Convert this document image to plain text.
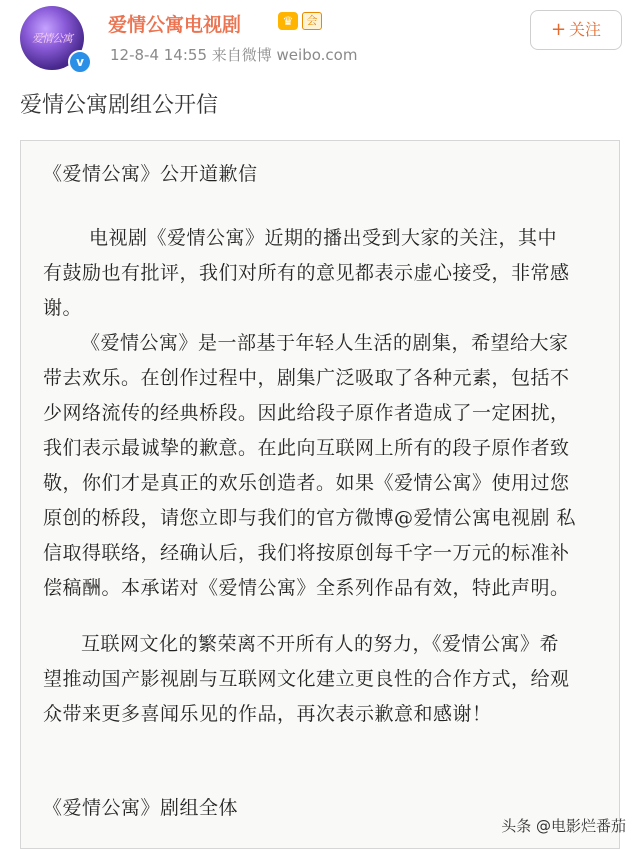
爱情公寓
v
爱情公寓电视剧	♛	会
12-8-4 14:55 来自微博 weibo.com
+ 关注
爱情公寓剧组公开信
《爱情公寓》公开道歉信
电视剧《爱情公寓》近期的播出受到大家的关注，其中
有鼓励也有批评，我们对所有的意见都表示虚心接受，非常感
谢。
《爱情公寓》是一部基于年轻人生活的剧集，希望给大家
带去欢乐。在创作过程中，剧集广泛吸取了各种元素，包括不
少网络流传的经典桥段。因此给段子原作者造成了一定困扰，
我们表示最诚挚的歉意。在此向互联网上所有的段子原作者致
敬，你们才是真正的欢乐创造者。如果《爱情公寓》使用过您
原创的桥段，请您立即与我们的官方微博@爱情公寓电视剧 私
信取得联络，经确认后，我们将按原创每千字一万元的标准补
偿稿酬。本承诺对《爱情公寓》全系列作品有效，特此声明。
互联网文化的繁荣离不开所有人的努力，《爱情公寓》希
望推动国产影视剧与互联网文化建立更良性的合作方式，给观
众带来更多喜闻乐见的作品，再次表示歉意和感谢！
《爱情公寓》剧组全体
头条 @电影烂番茄
